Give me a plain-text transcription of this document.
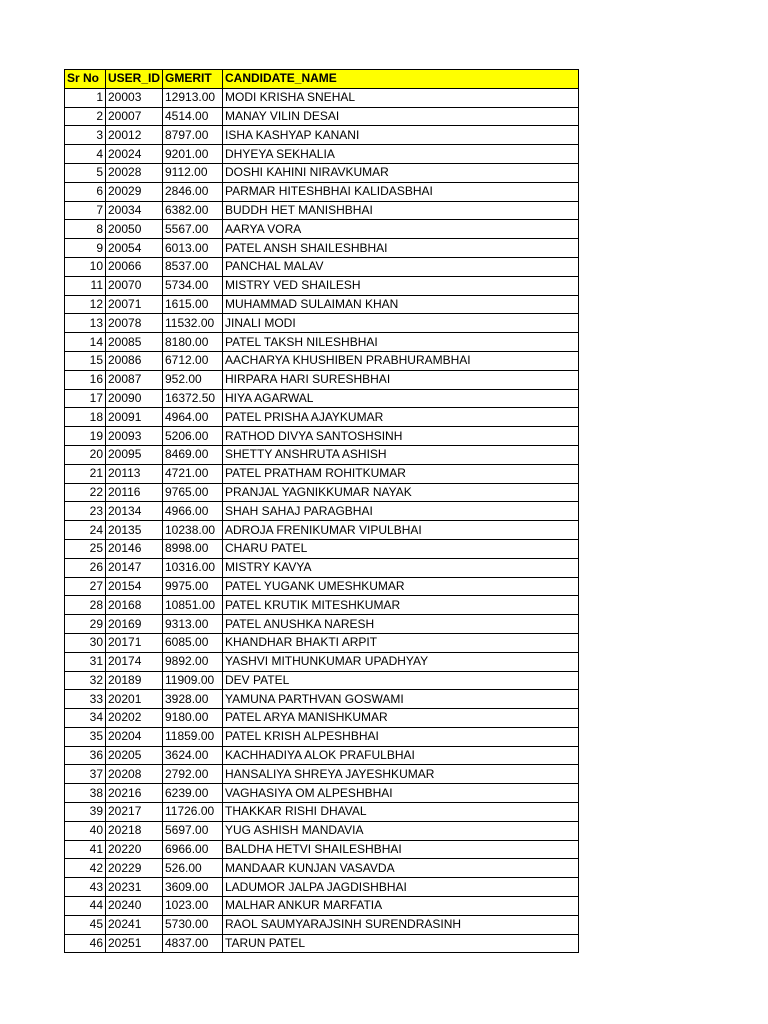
Sr No	USER_ID	GMERIT	CANDIDATE_NAME
1	20003	12913.00	MODI KRISHA SNEHAL
2	20007	4514.00	MANAY VILIN DESAI
3	20012	8797.00	ISHA KASHYAP KANANI
4	20024	9201.00	DHYEYA SEKHALIA
5	20028	9112.00	DOSHI KAHINI NIRAVKUMAR
6	20029	2846.00	PARMAR HITESHBHAI KALIDASBHAI
7	20034	6382.00	BUDDH HET MANISHBHAI
8	20050	5567.00	AARYA VORA
9	20054	6013.00	PATEL ANSH SHAILESHBHAI
10	20066	8537.00	PANCHAL MALAV
11	20070	5734.00	MISTRY VED SHAILESH
12	20071	1615.00	MUHAMMAD SULAIMAN KHAN
13	20078	11532.00	JINALI MODI
14	20085	8180.00	PATEL TAKSH NILESHBHAI
15	20086	6712.00	AACHARYA KHUSHIBEN PRABHURAMBHAI
16	20087	952.00	HIRPARA HARI SURESHBHAI
17	20090	16372.50	HIYA AGARWAL
18	20091	4964.00	PATEL PRISHA AJAYKUMAR
19	20093	5206.00	RATHOD DIVYA SANTOSHSINH
20	20095	8469.00	SHETTY ANSHRUTA ASHISH
21	20113	4721.00	PATEL PRATHAM ROHITKUMAR
22	20116	9765.00	PRANJAL YAGNIKKUMAR NAYAK
23	20134	4966.00	SHAH SAHAJ PARAGBHAI
24	20135	10238.00	ADROJA FRENIKUMAR VIPULBHAI
25	20146	8998.00	CHARU PATEL
26	20147	10316.00	MISTRY KAVYA
27	20154	9975.00	PATEL YUGANK UMESHKUMAR
28	20168	10851.00	PATEL KRUTIK MITESHKUMAR
29	20169	9313.00	PATEL ANUSHKA NARESH
30	20171	6085.00	KHANDHAR BHAKTI ARPIT
31	20174	9892.00	YASHVI MITHUNKUMAR UPADHYAY
32	20189	11909.00	DEV PATEL
33	20201	3928.00	YAMUNA PARTHVAN GOSWAMI
34	20202	9180.00	PATEL ARYA MANISHKUMAR
35	20204	11859.00	PATEL KRISH ALPESHBHAI
36	20205	3624.00	KACHHADIYA ALOK PRAFULBHAI
37	20208	2792.00	HANSALIYA SHREYA JAYESHKUMAR
38	20216	6239.00	VAGHASIYA OM ALPESHBHAI
39	20217	11726.00	THAKKAR RISHI DHAVAL
40	20218	5697.00	YUG ASHISH MANDAVIA
41	20220	6966.00	BALDHA HETVI SHAILESHBHAI
42	20229	526.00	MANDAAR KUNJAN VASAVDA
43	20231	3609.00	LADUMOR JALPA JAGDISHBHAI
44	20240	1023.00	MALHAR ANKUR MARFATIA
45	20241	5730.00	RAOL SAUMYARAJSINH SURENDRASINH
46	20251	4837.00	TARUN PATEL
